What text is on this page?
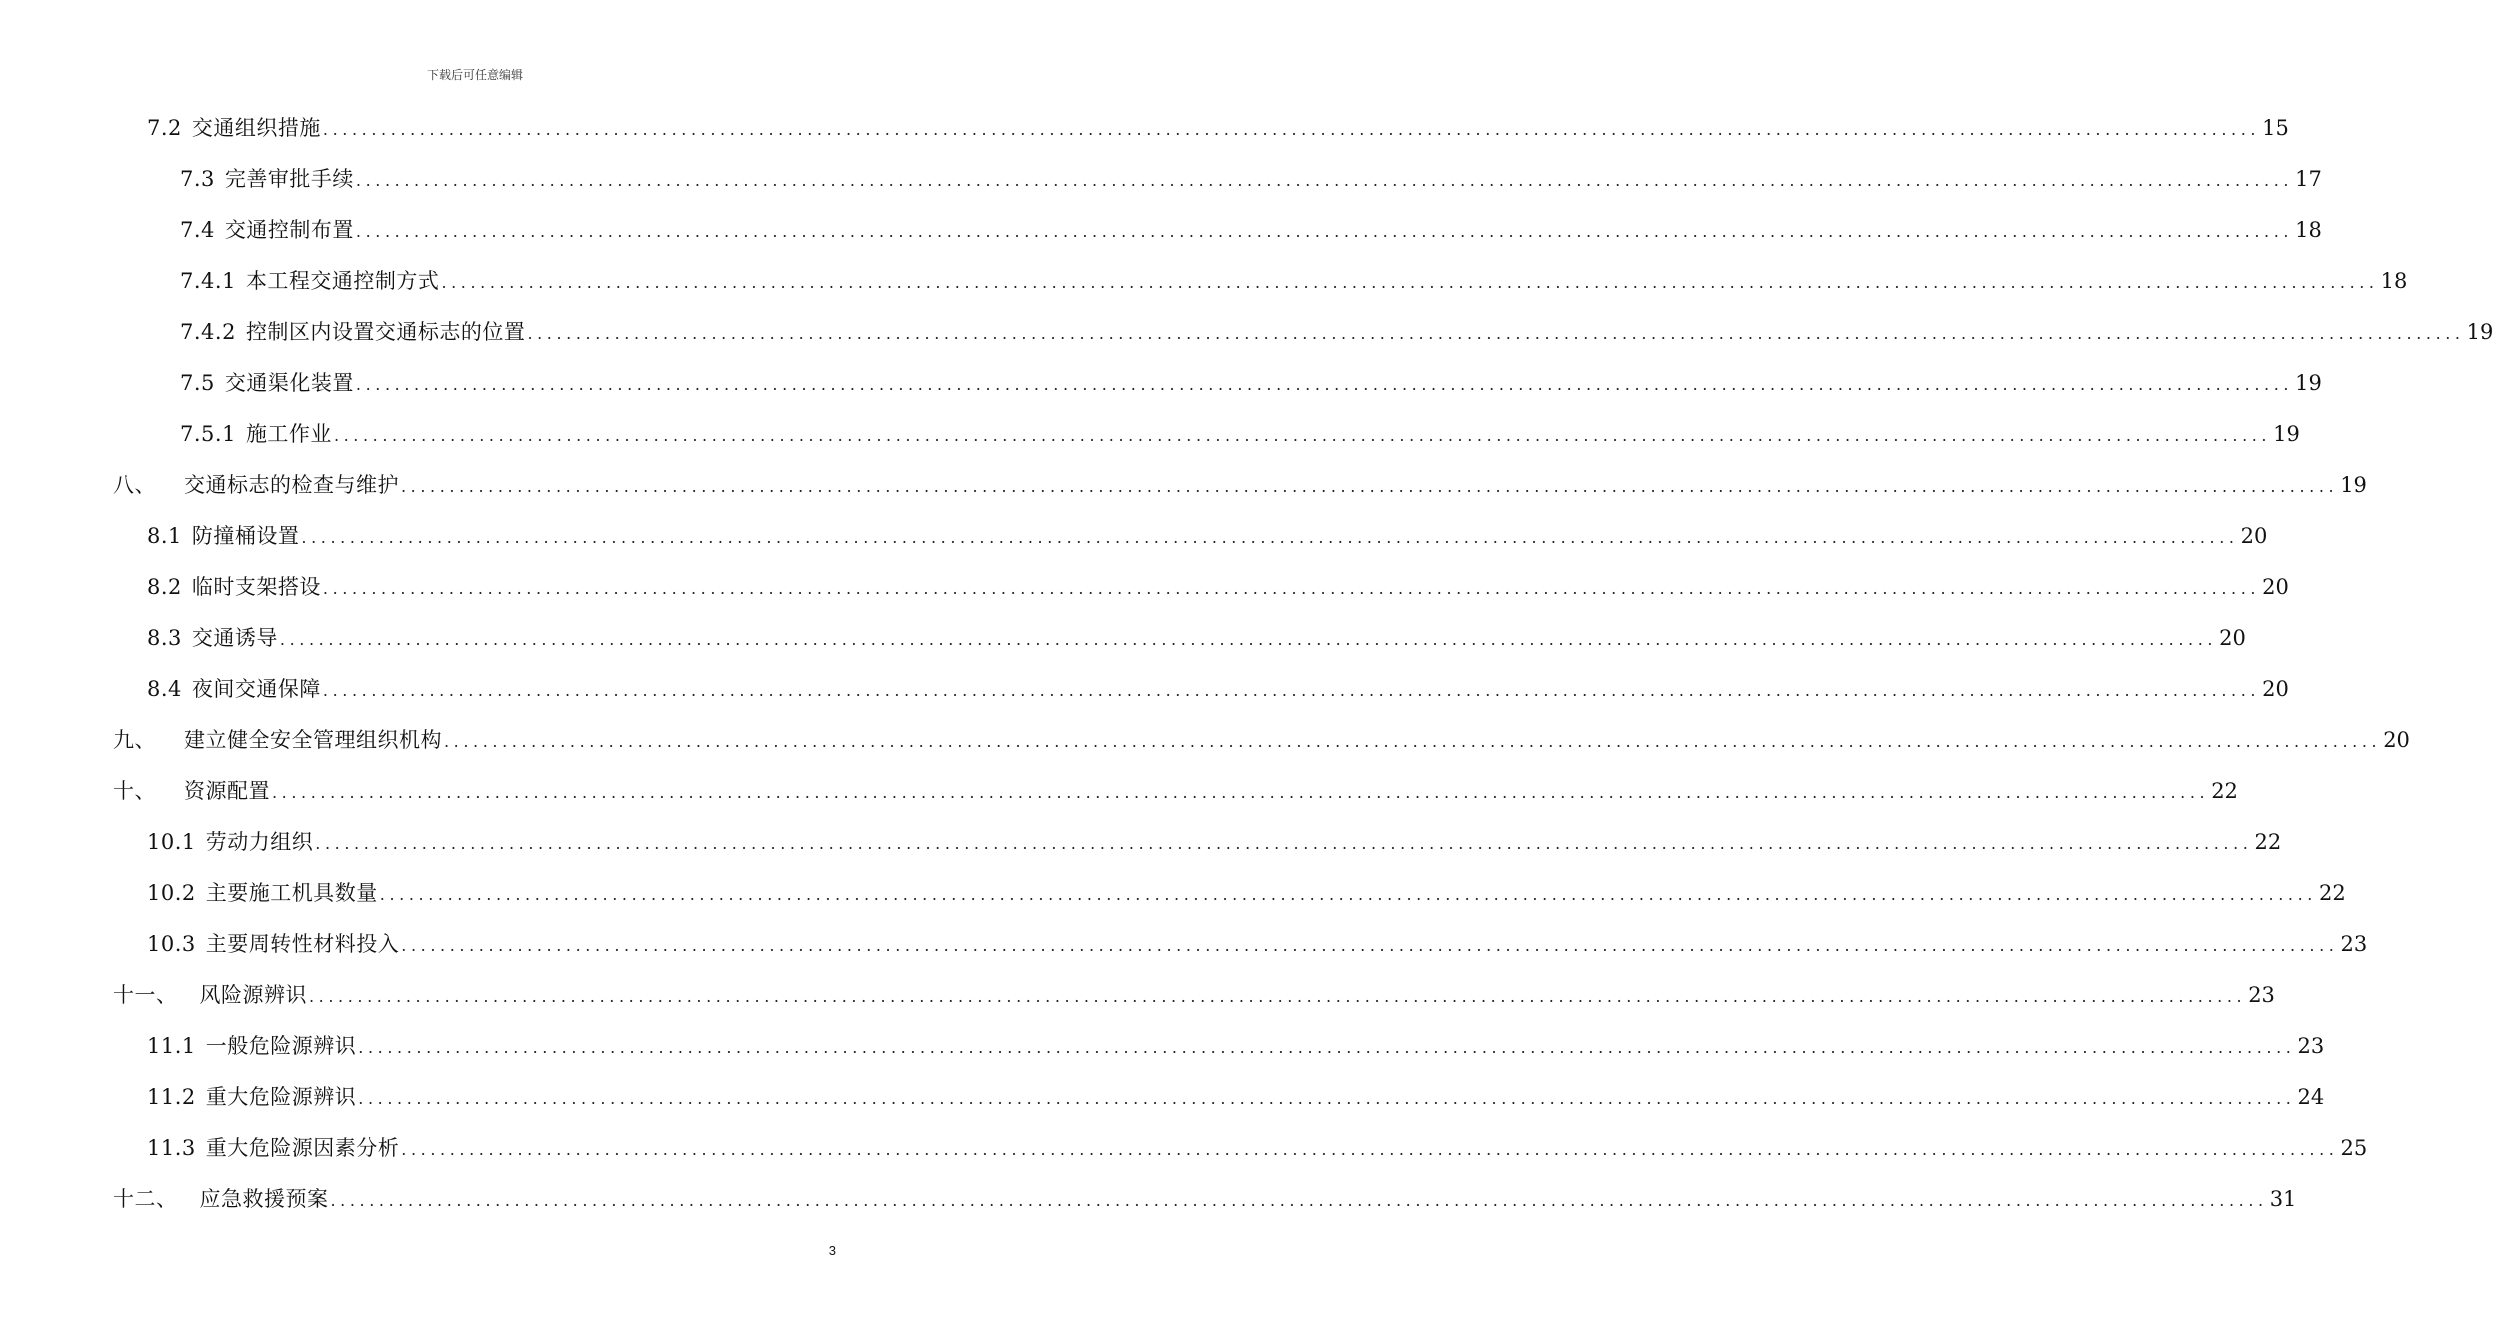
下载后可任意编辑
7.2 交通组织措施 ........................................................................................................................................................................................................ 15
7.3 完善审批手续 ........................................................................................................................................................................................................ 17
7.4 交通控制布置 ........................................................................................................................................................................................................ 18
7.4.1 本工程交通控制方式 ........................................................................................................................................................................................................ 18
7.4.2 控制区内设置交通标志的位置 ........................................................................................................................................................................................................ 19
7.5 交通渠化装置 ........................................................................................................................................................................................................ 19
7.5.1 施工作业 ........................................................................................................................................................................................................ 19
八、 交通标志的检查与维护 ........................................................................................................................................................................................................ 19
8.1 防撞桶设置 ........................................................................................................................................................................................................ 20
8.2 临时支架搭设 ........................................................................................................................................................................................................ 20
8.3 交通诱导 ........................................................................................................................................................................................................ 20
8.4 夜间交通保障 ........................................................................................................................................................................................................ 20
九、 建立健全安全管理组织机构 ........................................................................................................................................................................................................ 20
十、 资源配置 ........................................................................................................................................................................................................ 22
10.1 劳动力组织 ........................................................................................................................................................................................................ 22
10.2 主要施工机具数量 ........................................................................................................................................................................................................ 22
10.3 主要周转性材料投入 ........................................................................................................................................................................................................ 23
十一、 风险源辨识 ........................................................................................................................................................................................................ 23
11.1 一般危险源辨识 ........................................................................................................................................................................................................ 23
11.2 重大危险源辨识 ........................................................................................................................................................................................................ 24
11.3 重大危险源因素分析 ........................................................................................................................................................................................................ 25
十二、 应急救援预案 ........................................................................................................................................................................................................ 31
3
